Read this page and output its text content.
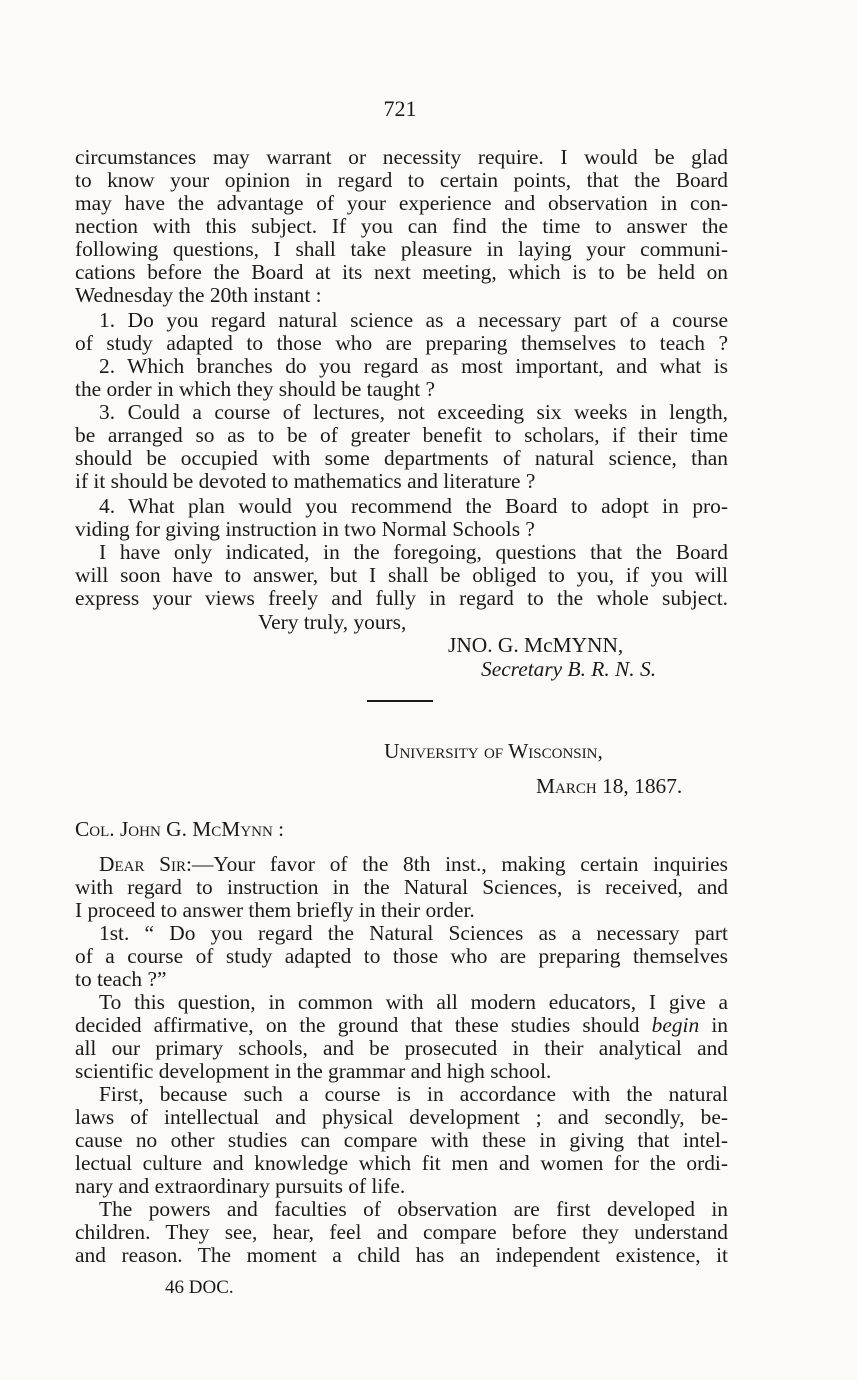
721
circumstances may warrant or necessity require. I would be glad
to know your opinion in regard to certain points, that the Board
may have the advantage of your experience and observation in con-
nection with this subject. If you can find the time to answer the
following questions, I shall take pleasure in laying your communi-
cations before the Board at its next meeting, which is to be held on
Wednesday the 20th instant :
1. Do you regard natural science as a necessary part of a course
of study adapted to those who are preparing themselves to teach ?
2. Which branches do you regard as most important, and what is
the order in which they should be taught ?
3. Could a course of lectures, not exceeding six weeks in length,
be arranged so as to be of greater benefit to scholars, if their time
should be occupied with some departments of natural science, than
if it should be devoted to mathematics and literature ?
4. What plan would you recommend the Board to adopt in pro-
viding for giving instruction in two Normal Schools ?
I have only indicated, in the foregoing, questions that the Board
will soon have to answer, but I shall be obliged to you, if you will
express your views freely and fully in regard to the whole subject.
Very truly, yours,
JNO. G. McMYNN,
Secretary B. R. N. S.
University of Wisconsin,
March 18, 1867.
Col. John G. McMynn :
Dear Sir:—Your favor of the 8th inst., making certain inquiries
with regard to instruction in the Natural Sciences, is received, and
I proceed to answer them briefly in their order.
1st. “ Do you regard the Natural Sciences as a necessary part
of a course of study adapted to those who are preparing themselves
to teach ?”
To this question, in common with all modern educators, I give a
decided affirmative, on the ground that these studies should begin in
all our primary schools, and be prosecuted in their analytical and
scientific development in the grammar and high school.
First, because such a course is in accordance with the natural
laws of intellectual and physical development ; and secondly, be-
cause no other studies can compare with these in giving that intel-
lectual culture and knowledge which fit men and women for the ordi-
nary and extraordinary pursuits of life.
The powers and faculties of observation are first developed in
children. They see, hear, feel and compare before they understand
and reason. The moment a child has an independent existence, it
46 DOC.
